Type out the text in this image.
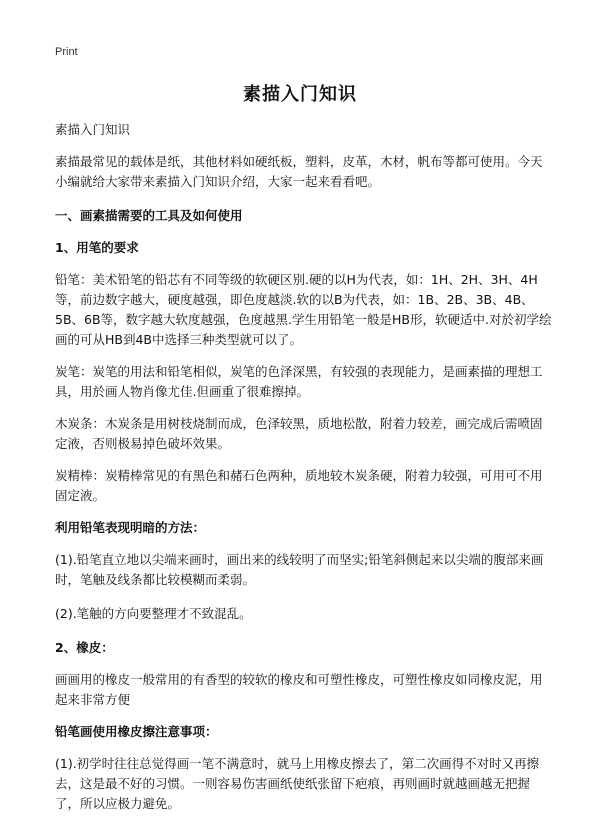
Print
素描入门知识

素描入门知识

素描最常见的载体是纸，其他材料如硬纸板，塑料，皮革，木材，帆布等都可使用。今天小编就给大家带来素描入门知识介绍，大家一起来看看吧。

一、画素描需要的工具及如何使用

1、用笔的要求

铅笔：美术铅笔的铅芯有不同等级的软硬区别.硬的以H为代表，如：1H、2H、3H、4H等，前边数字越大，硬度越强，即色度越淡.软的以B为代表，如：1B、2B、3B、4B、5B、6B等，数字越大软度越强，色度越黑.学生用铅笔一般是HB形，软硬适中.对於初学绘画的可从HB到4B中选择三种类型就可以了。

炭笔：炭笔的用法和铅笔相似，炭笔的色泽深黑，有较强的表现能力，是画素描的理想工具，用於画人物肖像尤佳.但画重了很难擦掉。

木炭条：木炭条是用树枝烧制而成，色泽较黑，质地松散，附着力较差，画完成后需喷固定液，否则极易掉色破坏效果。

炭精棒：炭精棒常见的有黑色和赭石色两种，质地较木炭条硬，附着力较强，可用可不用固定液。

利用铅笔表现明暗的方法：

(1).铅笔直立地以尖端来画时，画出来的线较明了而坚实;铅笔斜侧起来以尖端的腹部来画时，笔触及线条都比较模糊而柔弱。

(2).笔触的方向要整理才不致混乱。

2、橡皮：

画画用的橡皮一般常用的有香型的较软的橡皮和可塑性橡皮，可塑性橡皮如同橡皮泥，用起来非常方便

铅笔画使用橡皮擦注意事项：

(1).初学时往往总觉得画一笔不满意时，就马上用橡皮擦去了，第二次画得不对时又再擦去，这是最不好的习惯。一则容易伤害画纸使纸张留下疤痕，再则画时就越画越无把握了，所以应极力避免。
